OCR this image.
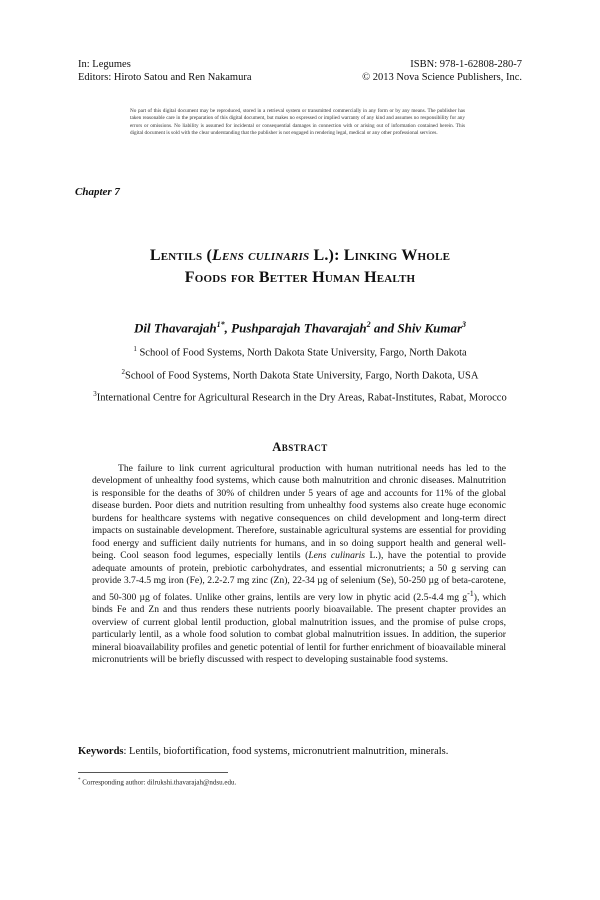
In: Legumes
Editors: Hiroto Satou and Ren Nakamura
ISBN: 978-1-62808-280-7
© 2013 Nova Science Publishers, Inc.
No part of this digital document may be reproduced, stored in a retrieval system or transmitted commercially in any form or by any means. The publisher has taken reasonable care in the preparation of this digital document, but makes no expressed or implied warranty of any kind and assumes no responsibility for any errors or omissions. No liability is assumed for incidental or consequential damages in connection with or arising out of information contained herein. This digital document is sold with the clear understanding that the publisher is not engaged in rendering legal, medical or any other professional services.
Chapter 7
Lentils (Lens culinaris L.): Linking Whole
Foods for Better Human Health
Dil Thavarajah$^{1*}$, Pushparajah Thavarajah$^2$ and Shiv Kumar$^3$
$^1$ School of Food Systems, North Dakota State University, Fargo, North Dakota
$^2$School of Food Systems, North Dakota State University, Fargo, North Dakota, USA
$^3$International Centre for Agricultural Research in the Dry Areas, Rabat-Institutes, Rabat, Morocco
Abstract

The failure to link current agricultural production with human nutritional needs has led to the development of unhealthy food systems, which cause both malnutrition and chronic diseases. Malnutrition is responsible for the deaths of 30% of children under 5 years of age and accounts for 11% of the global disease burden. Poor diets and nutrition resulting from unhealthy food systems also create huge economic burdens for healthcare systems with negative consequences on child development and long-term direct impacts on sustainable development. Therefore, sustainable agricultural systems are essential for providing food energy and sufficient daily nutrients for humans, and in so doing support health and general well-being. Cool season food legumes, especially lentils (Lens culinaris L.), have the potential to provide adequate amounts of protein, prebiotic carbohydrates, and essential micronutrients; a 50 g serving can provide 3.7-4.5 mg iron (Fe), 2.2-2.7 mg zinc (Zn), 22-34 µg of selenium (Se), 50-250 µg of beta-carotene, and 50-300 µg of folates. Unlike other grains, lentils are very low in phytic acid (2.5-4.4 mg $g^{-1}$), which binds Fe and Zn and thus renders these nutrients poorly bioavailable. The present chapter provides an overview of current global lentil production, global malnutrition issues, and the promise of pulse crops, particularly lentil, as a whole food solution to combat global malnutrition issues. In addition, the superior mineral bioavailability profiles and genetic potential of lentil for further enrichment of bioavailable mineral micronutrients will be briefly discussed with respect to developing sustainable food systems.

Keywords: Lentils, biofortification, food systems, micronutrient malnutrition, minerals.
* Corresponding author: dilrukshi.thavarajah@ndsu.edu.
